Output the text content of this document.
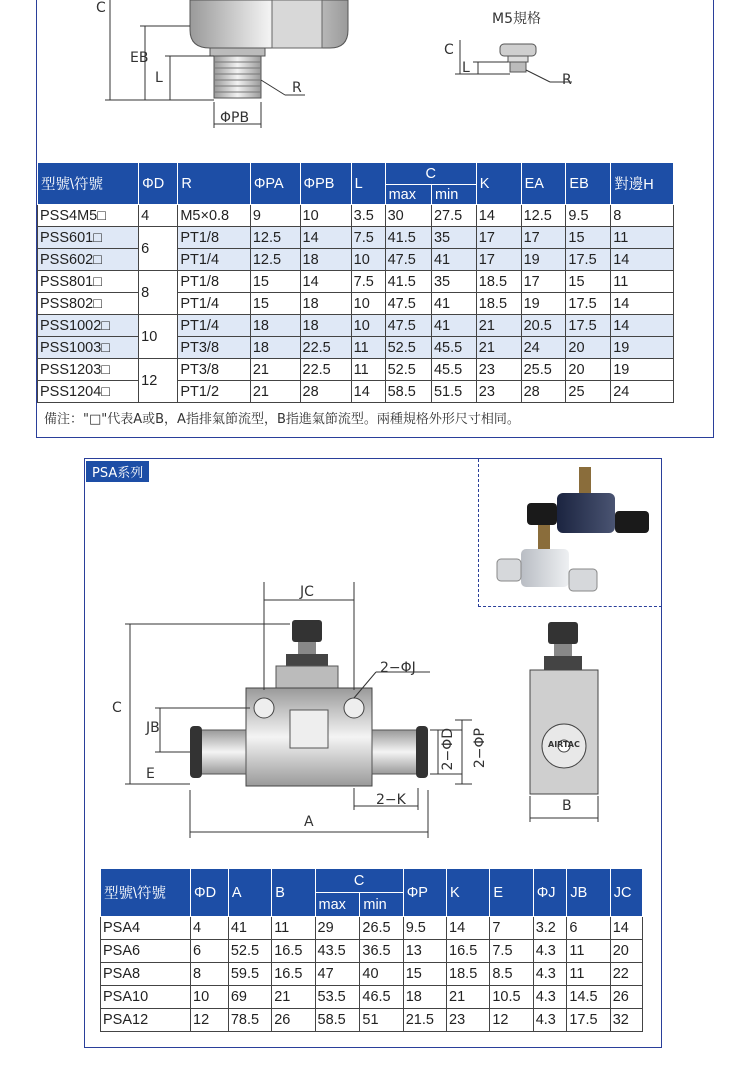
C
EB
L
ΦPB
R
M5規格
C
L
R
型號\符號	ΦD	R	ΦPA	ΦPB	L	C		K	EA	EB	對邊H
						max	min				
PSS4M5□	4	M5×0.8	9	10	3.5	30	27.5	14	12.5	9.5	8
PSS601□	6	PT1/8	12.5	14	7.5	41.5	35	17	17	15	11
PSS602□		PT1/4	12.5	18	10	47.5	41	17	19	17.5	14
PSS801□	8	PT1/8	15	14	7.5	41.5	35	18.5	17	15	11
PSS802□		PT1/4	15	18	10	47.5	41	18.5	19	17.5	14
PSS1002□	10	PT1/4	18	18	10	47.5	41	21	20.5	17.5	14
PSS1003□		PT3/8	18	22.5	11	52.5	45.5	21	24	20	19
PSS1203□	12	PT3/8	21	22.5	11	52.5	45.5	23	25.5	20	19
PSS1204□		PT1/2	21	28	14	58.5	51.5	23	28	25	24
備注："□"代表A或B，A指排氣節流型，B指進氣節流型。兩種規格外形尺寸相同。
PSA系列
JC
C
JB
E
A
2−K
2−ΦJ
2−ΦD 2−ΦP	AIRTAC
B
型號\符號	ΦD	A	B	C		ΦP	K	E	ΦJ	JB	JC
				max	min						
PSA4	4	41	11	29	26.5	9.5	14	7	3.2	6	14
PSA6	6	52.5	16.5	43.5	36.5	13	16.5	7.5	4.3	11	20
PSA8	8	59.5	16.5	47	40	15	18.5	8.5	4.3	11	22
PSA10	10	69	21	53.5	46.5	18	21	10.5	4.3	14.5	26
PSA12	12	78.5	26	58.5	51	21.5	23	12	4.3	17.5	32
